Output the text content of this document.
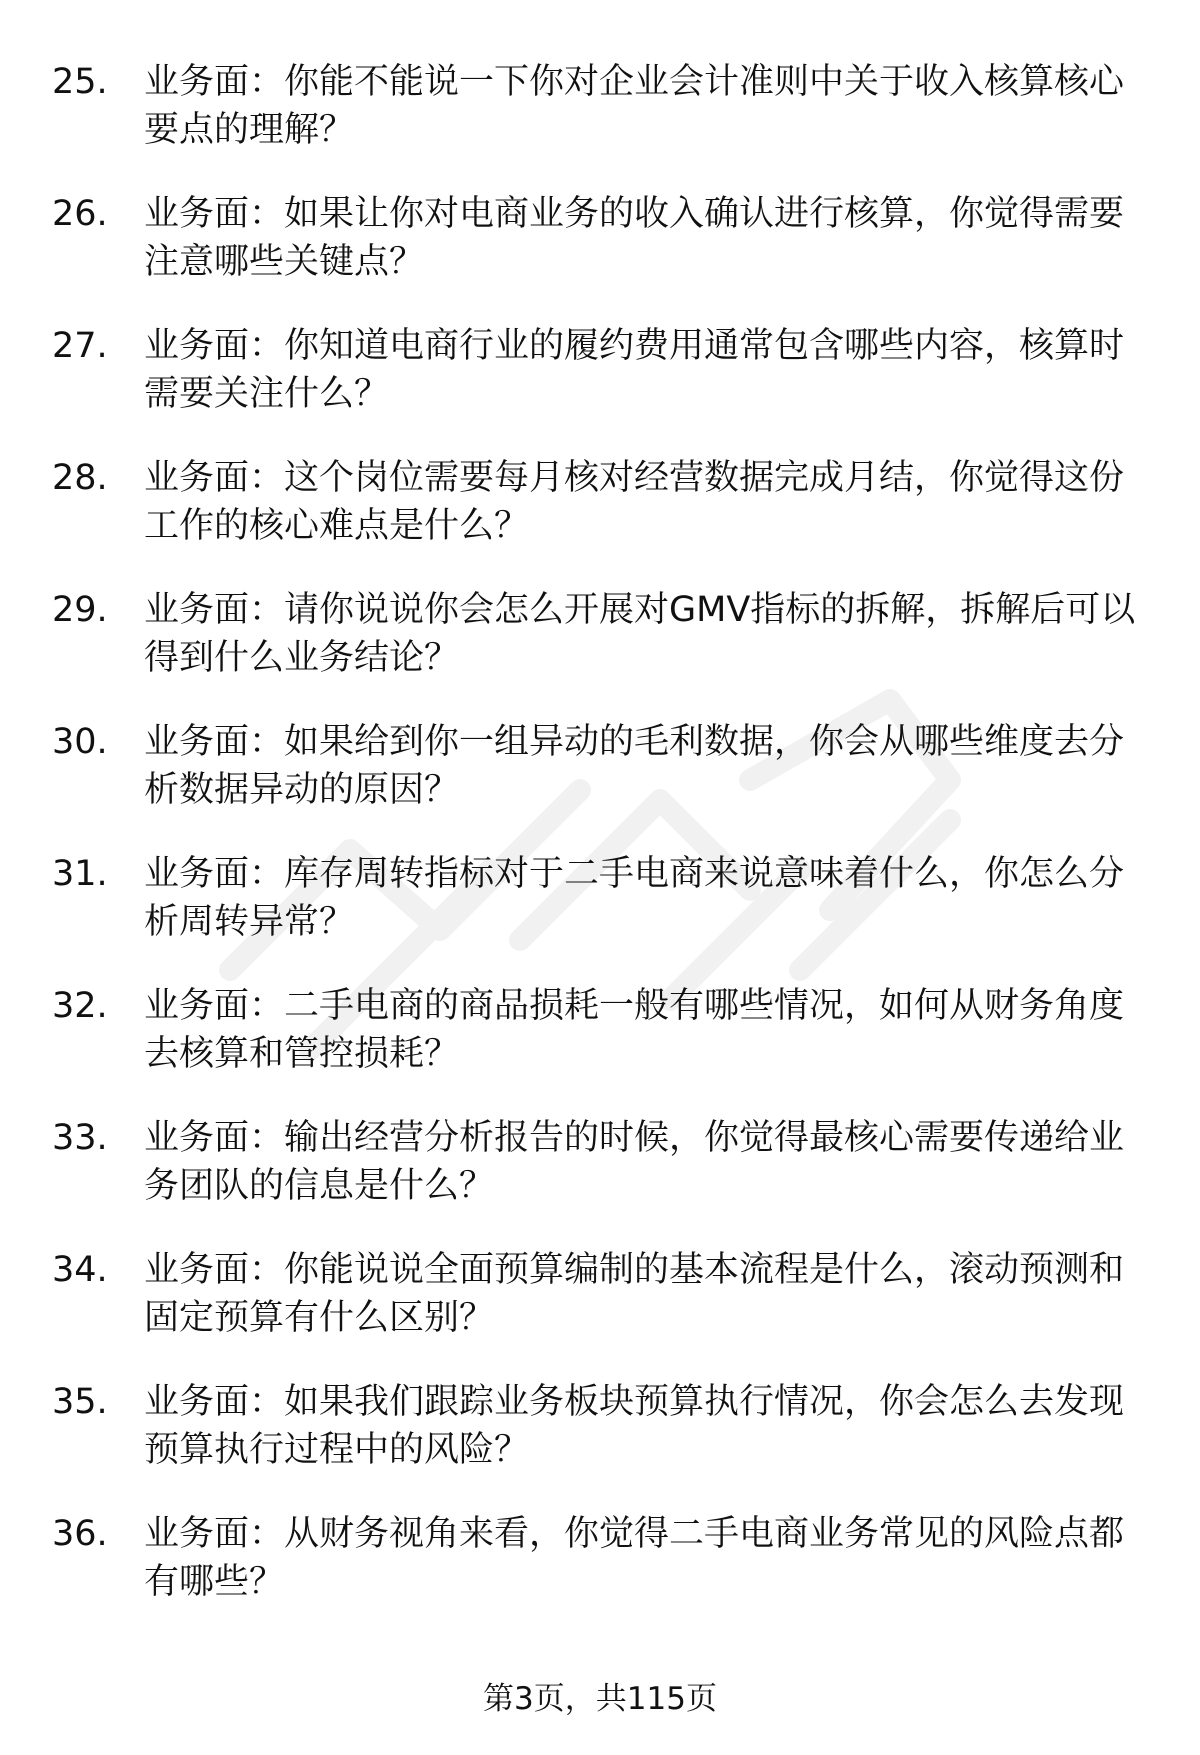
25.	业务面：你能不能说一下你对企业会计准则中关于收入核算核心要点的理解？
26.	业务面：如果让你对电商业务的收入确认进行核算，你觉得需要注意哪些关键点？
27.	业务面：你知道电商行业的履约费用通常包含哪些内容，核算时需要关注什么？
28.	业务面：这个岗位需要每月核对经营数据完成月结，你觉得这份工作的核心难点是什么？
29.	业务面：请你说说你会怎么开展对GMV指标的拆解，拆解后可以得到什么业务结论？
30.	业务面：如果给到你一组异动的毛利数据，你会从哪些维度去分析数据异动的原因？
31.	业务面：库存周转指标对于二手电商来说意味着什么，你怎么分析周转异常？
32.	业务面：二手电商的商品损耗一般有哪些情况，如何从财务角度去核算和管控损耗？
33.	业务面：输出经营分析报告的时候，你觉得最核心需要传递给业务团队的信息是什么？
34.	业务面：你能说说全面预算编制的基本流程是什么，滚动预测和固定预算有什么区别？
35.	业务面：如果我们跟踪业务板块预算执行情况，你会怎么去发现预算执行过程中的风险？
36.	业务面：从财务视角来看，你觉得二手电商业务常见的风险点都有哪些？
第3页，共115页
